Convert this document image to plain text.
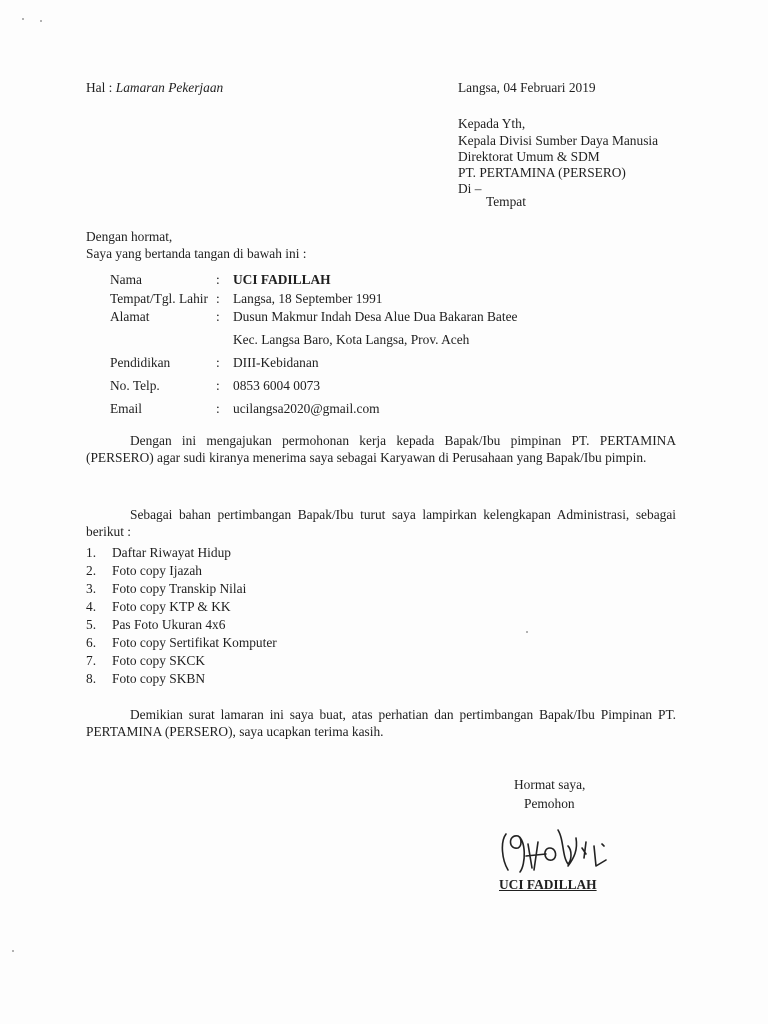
Hal : Lamaran Pekerjaan	Langsa, 04 Februari 2019
Kepada Yth,
Kepala Divisi Sumber Daya Manusia
Direktorat Umum & SDM
PT. PERTAMINA (PERSERO)
Di –
Tempat
Dengan hormat,
Saya yang bertanda tangan di bawah ini :
Nama	: UCI FADILLAH
Tempat/Tgl. Lahir : Langsa, 18 September 1991
Alamat	: Dusun Makmur Indah Desa Alue Dua Bakaran Batee
Kec. Langsa Baro, Kota Langsa, Prov. Aceh
Pendidikan	: DIII-Kebidanan
No. Telp.	: 0853 6004 0073
Email	: ucilangsa2020@gmail.com
Dengan ini mengajukan permohonan kerja kepada Bapak/Ibu pimpinan PT. PERTAMINA (PERSERO) agar sudi kiranya menerima saya sebagai Karyawan di Perusahaan yang Bapak/Ibu pimpin.
Sebagai bahan pertimbangan Bapak/Ibu turut saya lampirkan kelengkapan Administrasi, sebagai berikut :
1. Daftar Riwayat Hidup
2. Foto copy Ijazah
3. Foto copy Transkip Nilai
4. Foto copy KTP & KK
5. Pas Foto Ukuran 4x6
6. Foto copy Sertifikat Komputer
7. Foto copy SKCK
8. Foto copy SKBN
Demikian surat lamaran ini saya buat, atas perhatian dan pertimbangan Bapak/Ibu Pimpinan PT. PERTAMINA (PERSERO), saya ucapkan terima kasih.
Hormat saya,
Pemohon
UCI FADILLAH
